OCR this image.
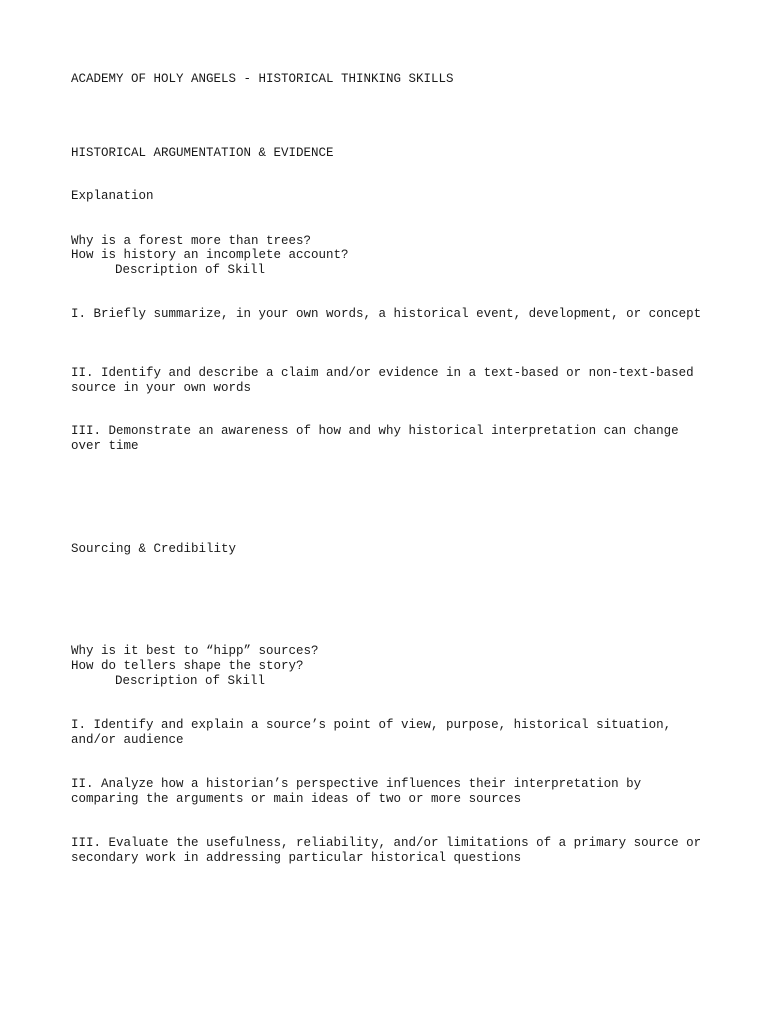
ACADEMY OF HOLY ANGELS - HISTORICAL THINKING SKILLS

HISTORICAL ARGUMENTATION & EVIDENCE

Explanation

Why is a forest more than trees?

How is history an incomplete account?

Description of Skill

I. Briefly summarize, in your own words, a historical event, development, or concept

II. Identify and describe a claim and/or evidence in a text-based or non-text-based source in your own words

III. Demonstrate an awareness of how and why historical interpretation can change over time

Sourcing & Credibility

Why is it best to “hipp” sources?

How do tellers shape the story?

Description of Skill

I. Identify and explain a source’s point of view, purpose, historical situation, and/or audience

II. Analyze how a historian’s perspective influences their interpretation by comparing the arguments or main ideas of two or more sources

III. Evaluate the usefulness, reliability, and/or limitations of a primary source or secondary work in addressing particular historical questions
